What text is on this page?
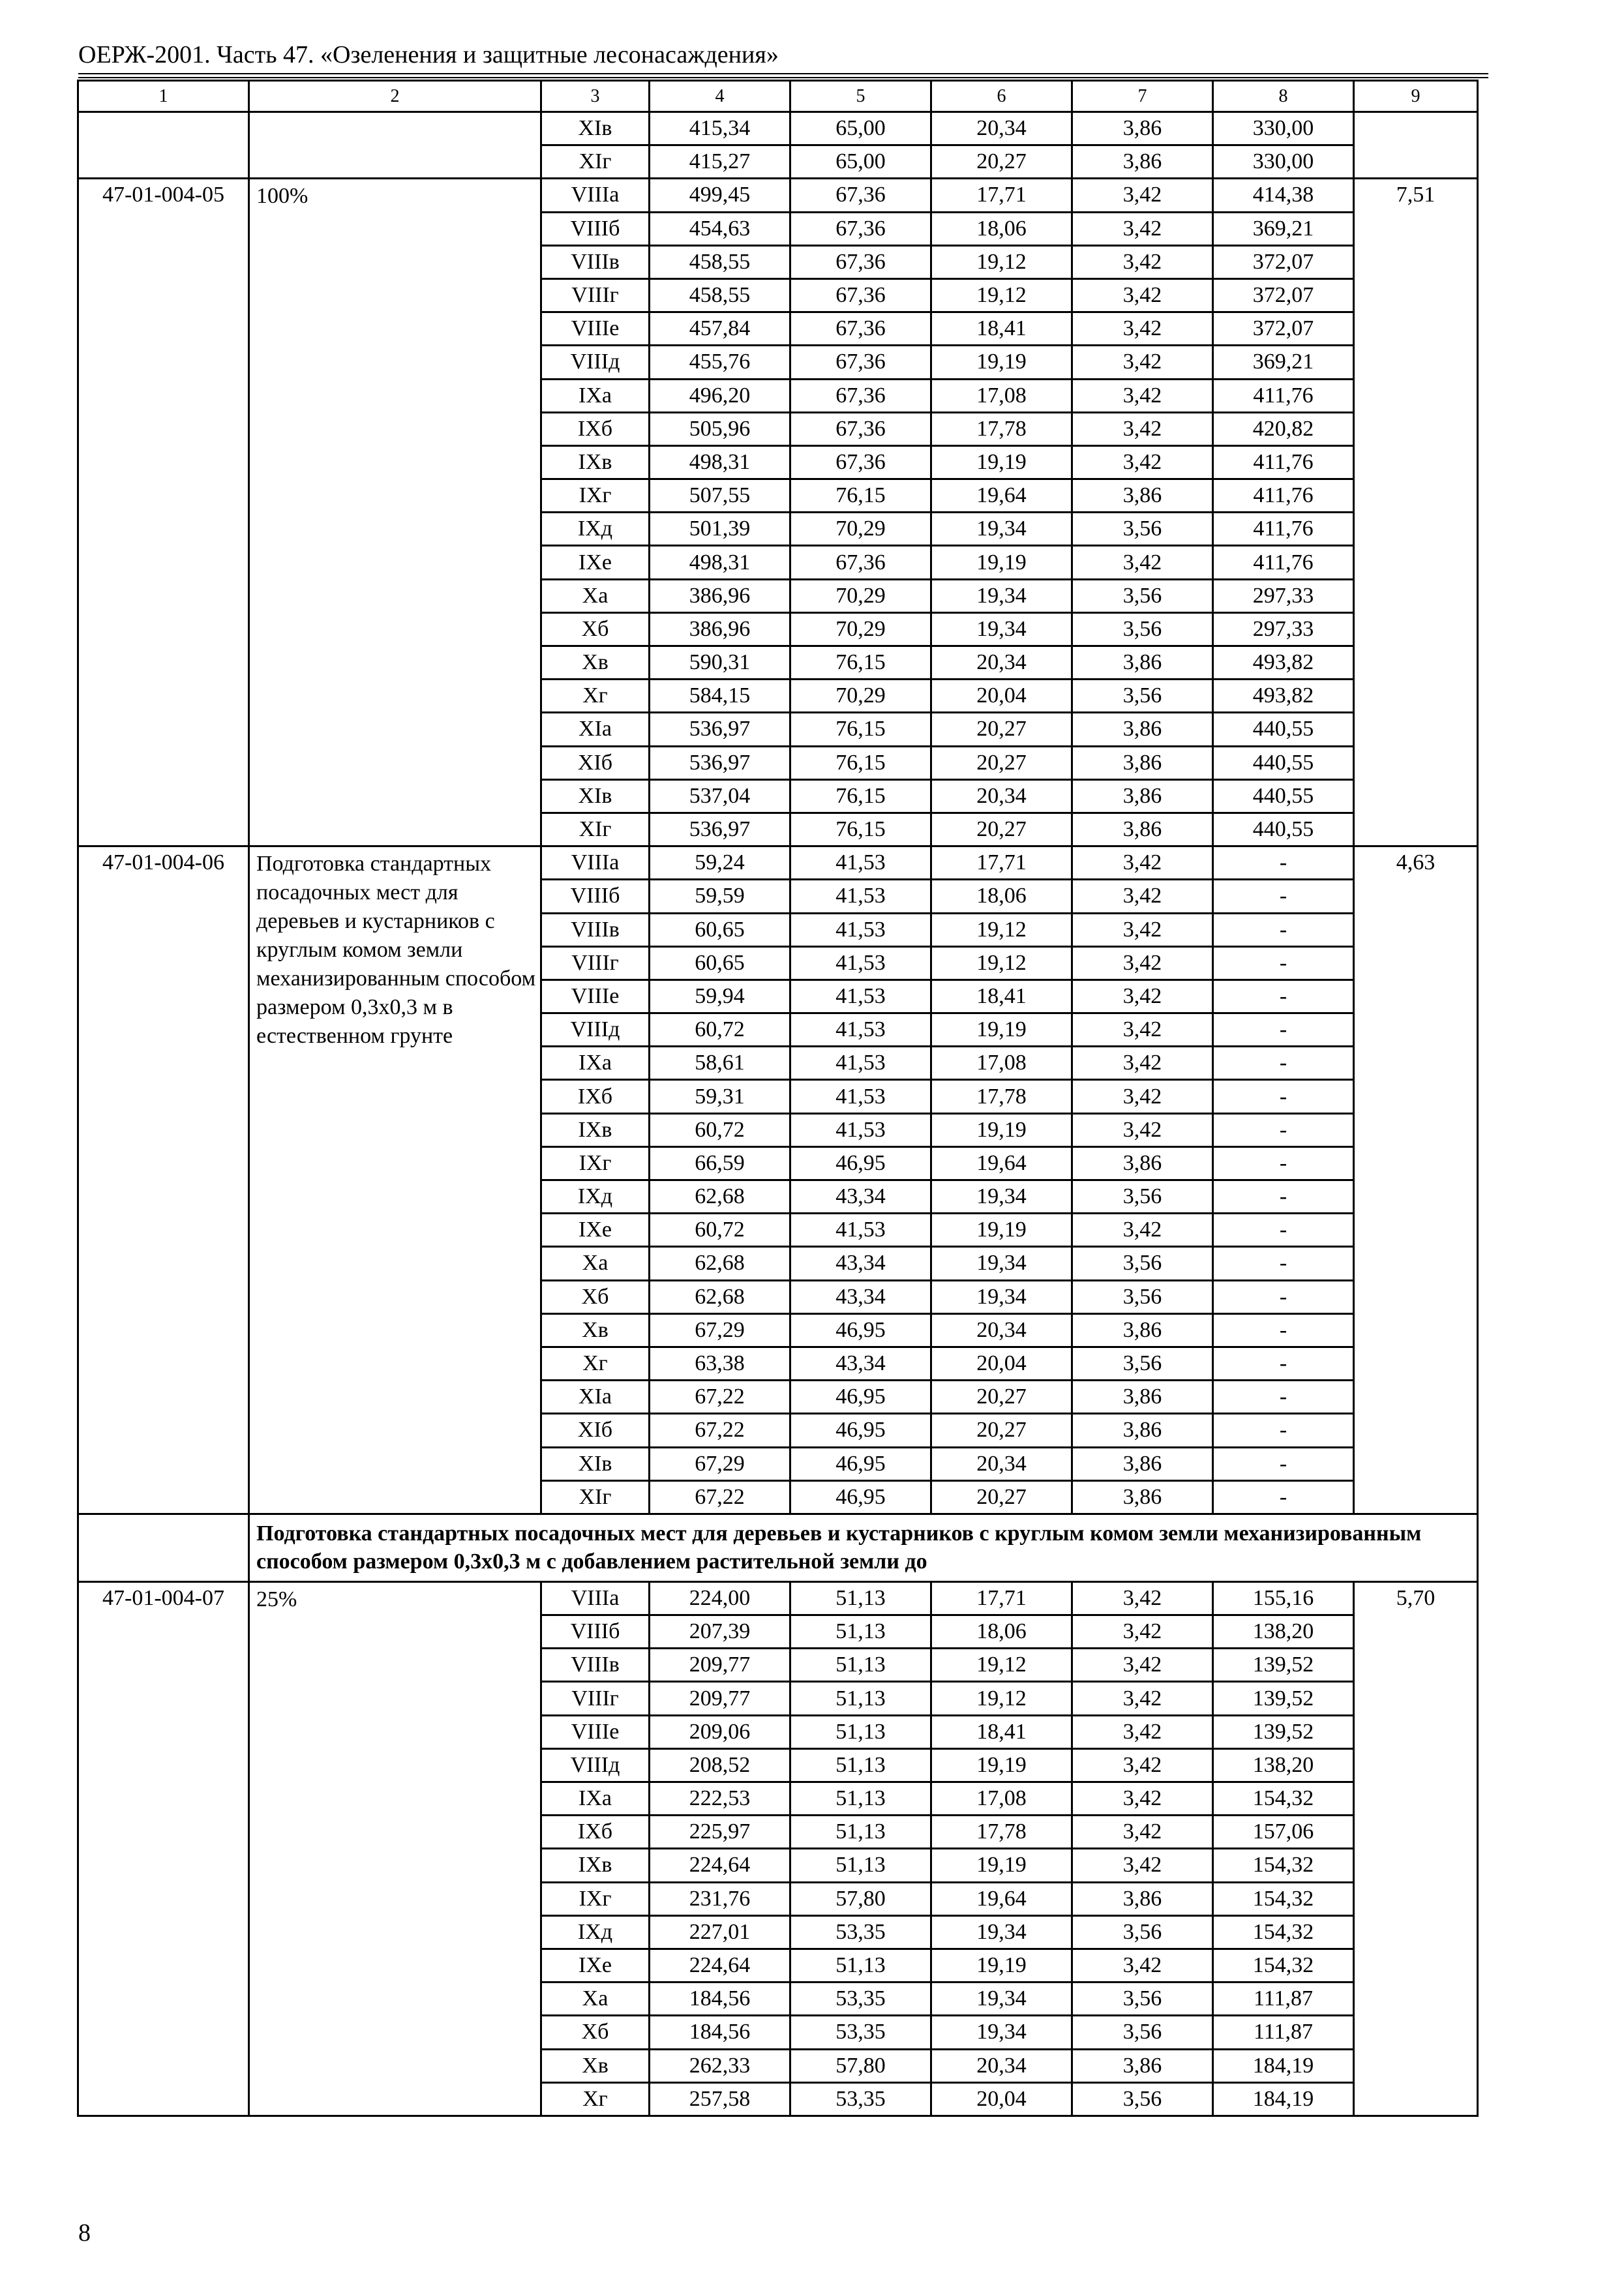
ОЕРЖ-2001. Часть 47. «Озеленения и защитные лесонасаждения»
1	2	3	4	5	6	7	8	9
		XIв	415,34	65,00	20,34	3,86	330,00	
		XIг	415,27	65,00	20,27	3,86	330,00	
47-01-004-05	100%	VIIIа	499,45	67,36	17,71	3,42	414,38	7,51
		VIIIб	454,63	67,36	18,06	3,42	369,21	
		VIIIв	458,55	67,36	19,12	3,42	372,07	
		VIIIг	458,55	67,36	19,12	3,42	372,07	
		VIIIе	457,84	67,36	18,41	3,42	372,07	
		VIIIд	455,76	67,36	19,19	3,42	369,21	
		IXа	496,20	67,36	17,08	3,42	411,76	
		IXб	505,96	67,36	17,78	3,42	420,82	
		IXв	498,31	67,36	19,19	3,42	411,76	
		IXг	507,55	76,15	19,64	3,86	411,76	
		IXд	501,39	70,29	19,34	3,56	411,76	
		IXе	498,31	67,36	19,19	3,42	411,76	
		Xа	386,96	70,29	19,34	3,56	297,33	
		Xб	386,96	70,29	19,34	3,56	297,33	
		Xв	590,31	76,15	20,34	3,86	493,82	
		Xг	584,15	70,29	20,04	3,56	493,82	
		XIа	536,97	76,15	20,27	3,86	440,55	
		XIб	536,97	76,15	20,27	3,86	440,55	
		XIв	537,04	76,15	20,34	3,86	440,55	
		XIг	536,97	76,15	20,27	3,86	440,55	
47-01-004-06	Подготовка стандартных посадочных мест для деревьев и кустарников с круглым комом земли механизированным способом размером 0,3х0,3 м в естественном грунте	VIIIа	59,24	41,53	17,71	3,42	-	4,63
		VIIIб	59,59	41,53	18,06	3,42	-	
		VIIIв	60,65	41,53	19,12	3,42	-	
		VIIIг	60,65	41,53	19,12	3,42	-	
		VIIIе	59,94	41,53	18,41	3,42	-	
		VIIIд	60,72	41,53	19,19	3,42	-	
		IXа	58,61	41,53	17,08	3,42	-	
		IXб	59,31	41,53	17,78	3,42	-	
		IXв	60,72	41,53	19,19	3,42	-	
		IXг	66,59	46,95	19,64	3,86	-	
		IXд	62,68	43,34	19,34	3,56	-	
		IXе	60,72	41,53	19,19	3,42	-	
		Xа	62,68	43,34	19,34	3,56	-	
		Xб	62,68	43,34	19,34	3,56	-	
		Xв	67,29	46,95	20,34	3,86	-	
		Xг	63,38	43,34	20,04	3,56	-	
		XIа	67,22	46,95	20,27	3,86	-	
		XIб	67,22	46,95	20,27	3,86	-	
		XIв	67,29	46,95	20,34	3,86	-	
		XIг	67,22	46,95	20,27	3,86	-	
	Подготовка стандартных посадочных мест для деревьев и кустарников с круглым комом земли механизированным способом размером 0,3х0,3 м с добавлением растительной земли до							
47-01-004-07	25%	VIIIа	224,00	51,13	17,71	3,42	155,16	5,70
		VIIIб	207,39	51,13	18,06	3,42	138,20	
		VIIIв	209,77	51,13	19,12	3,42	139,52	
		VIIIг	209,77	51,13	19,12	3,42	139,52	
		VIIIе	209,06	51,13	18,41	3,42	139,52	
		VIIIд	208,52	51,13	19,19	3,42	138,20	
		IXа	222,53	51,13	17,08	3,42	154,32	
		IXб	225,97	51,13	17,78	3,42	157,06	
		IXв	224,64	51,13	19,19	3,42	154,32	
		IXг	231,76	57,80	19,64	3,86	154,32	
		IXд	227,01	53,35	19,34	3,56	154,32	
		IXе	224,64	51,13	19,19	3,42	154,32	
		Xа	184,56	53,35	19,34	3,56	111,87	
		Xб	184,56	53,35	19,34	3,56	111,87	
		Xв	262,33	57,80	20,34	3,86	184,19	
		Xг	257,58	53,35	20,04	3,56	184,19	
8
